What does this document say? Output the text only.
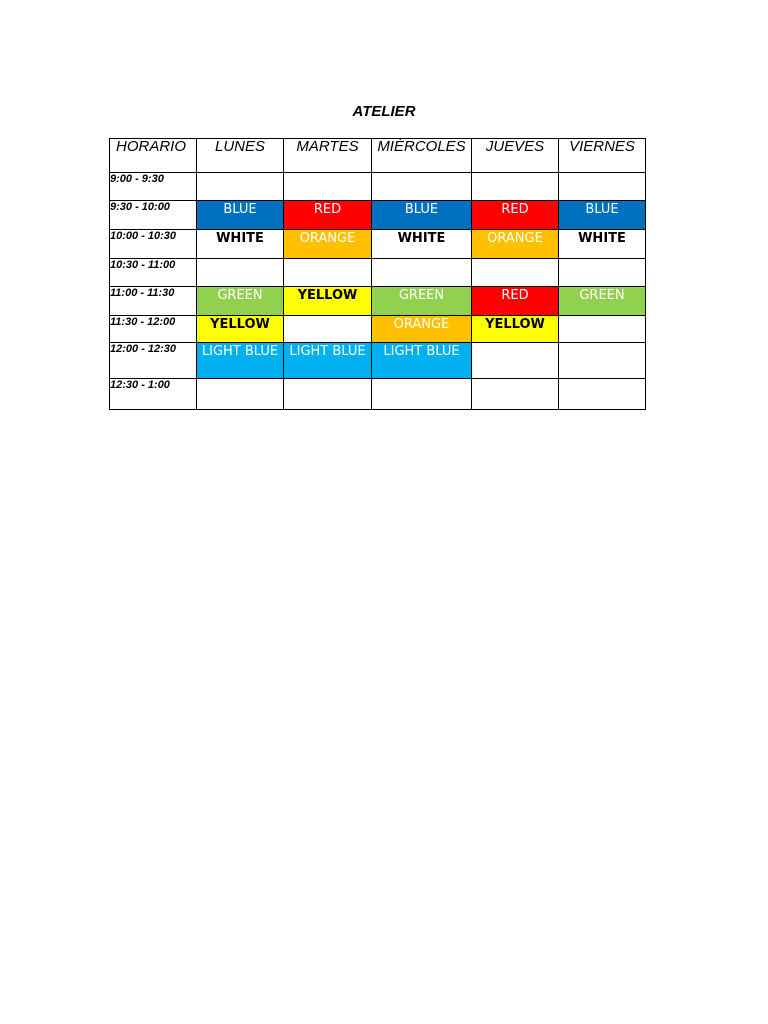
ATELIER
HORARIO	LUNES	MARTES	MIÉRCOLES	JUEVES	VIERNES
9:00 - 9:30					
9:30 - 10:00	BLUE	RED	BLUE	RED	BLUE
10:00 - 10:30	WHITE	ORANGE	WHITE	ORANGE	WHITE
10:30 - 11:00					
11:00 - 11:30	GREEN	YELLOW	GREEN	RED	GREEN
11:30 - 12:00	YELLOW		ORANGE	YELLOW	
12:00 - 12:30	LIGHT BLUE	LIGHT BLUE	LIGHT BLUE		
12:30 - 1:00					
